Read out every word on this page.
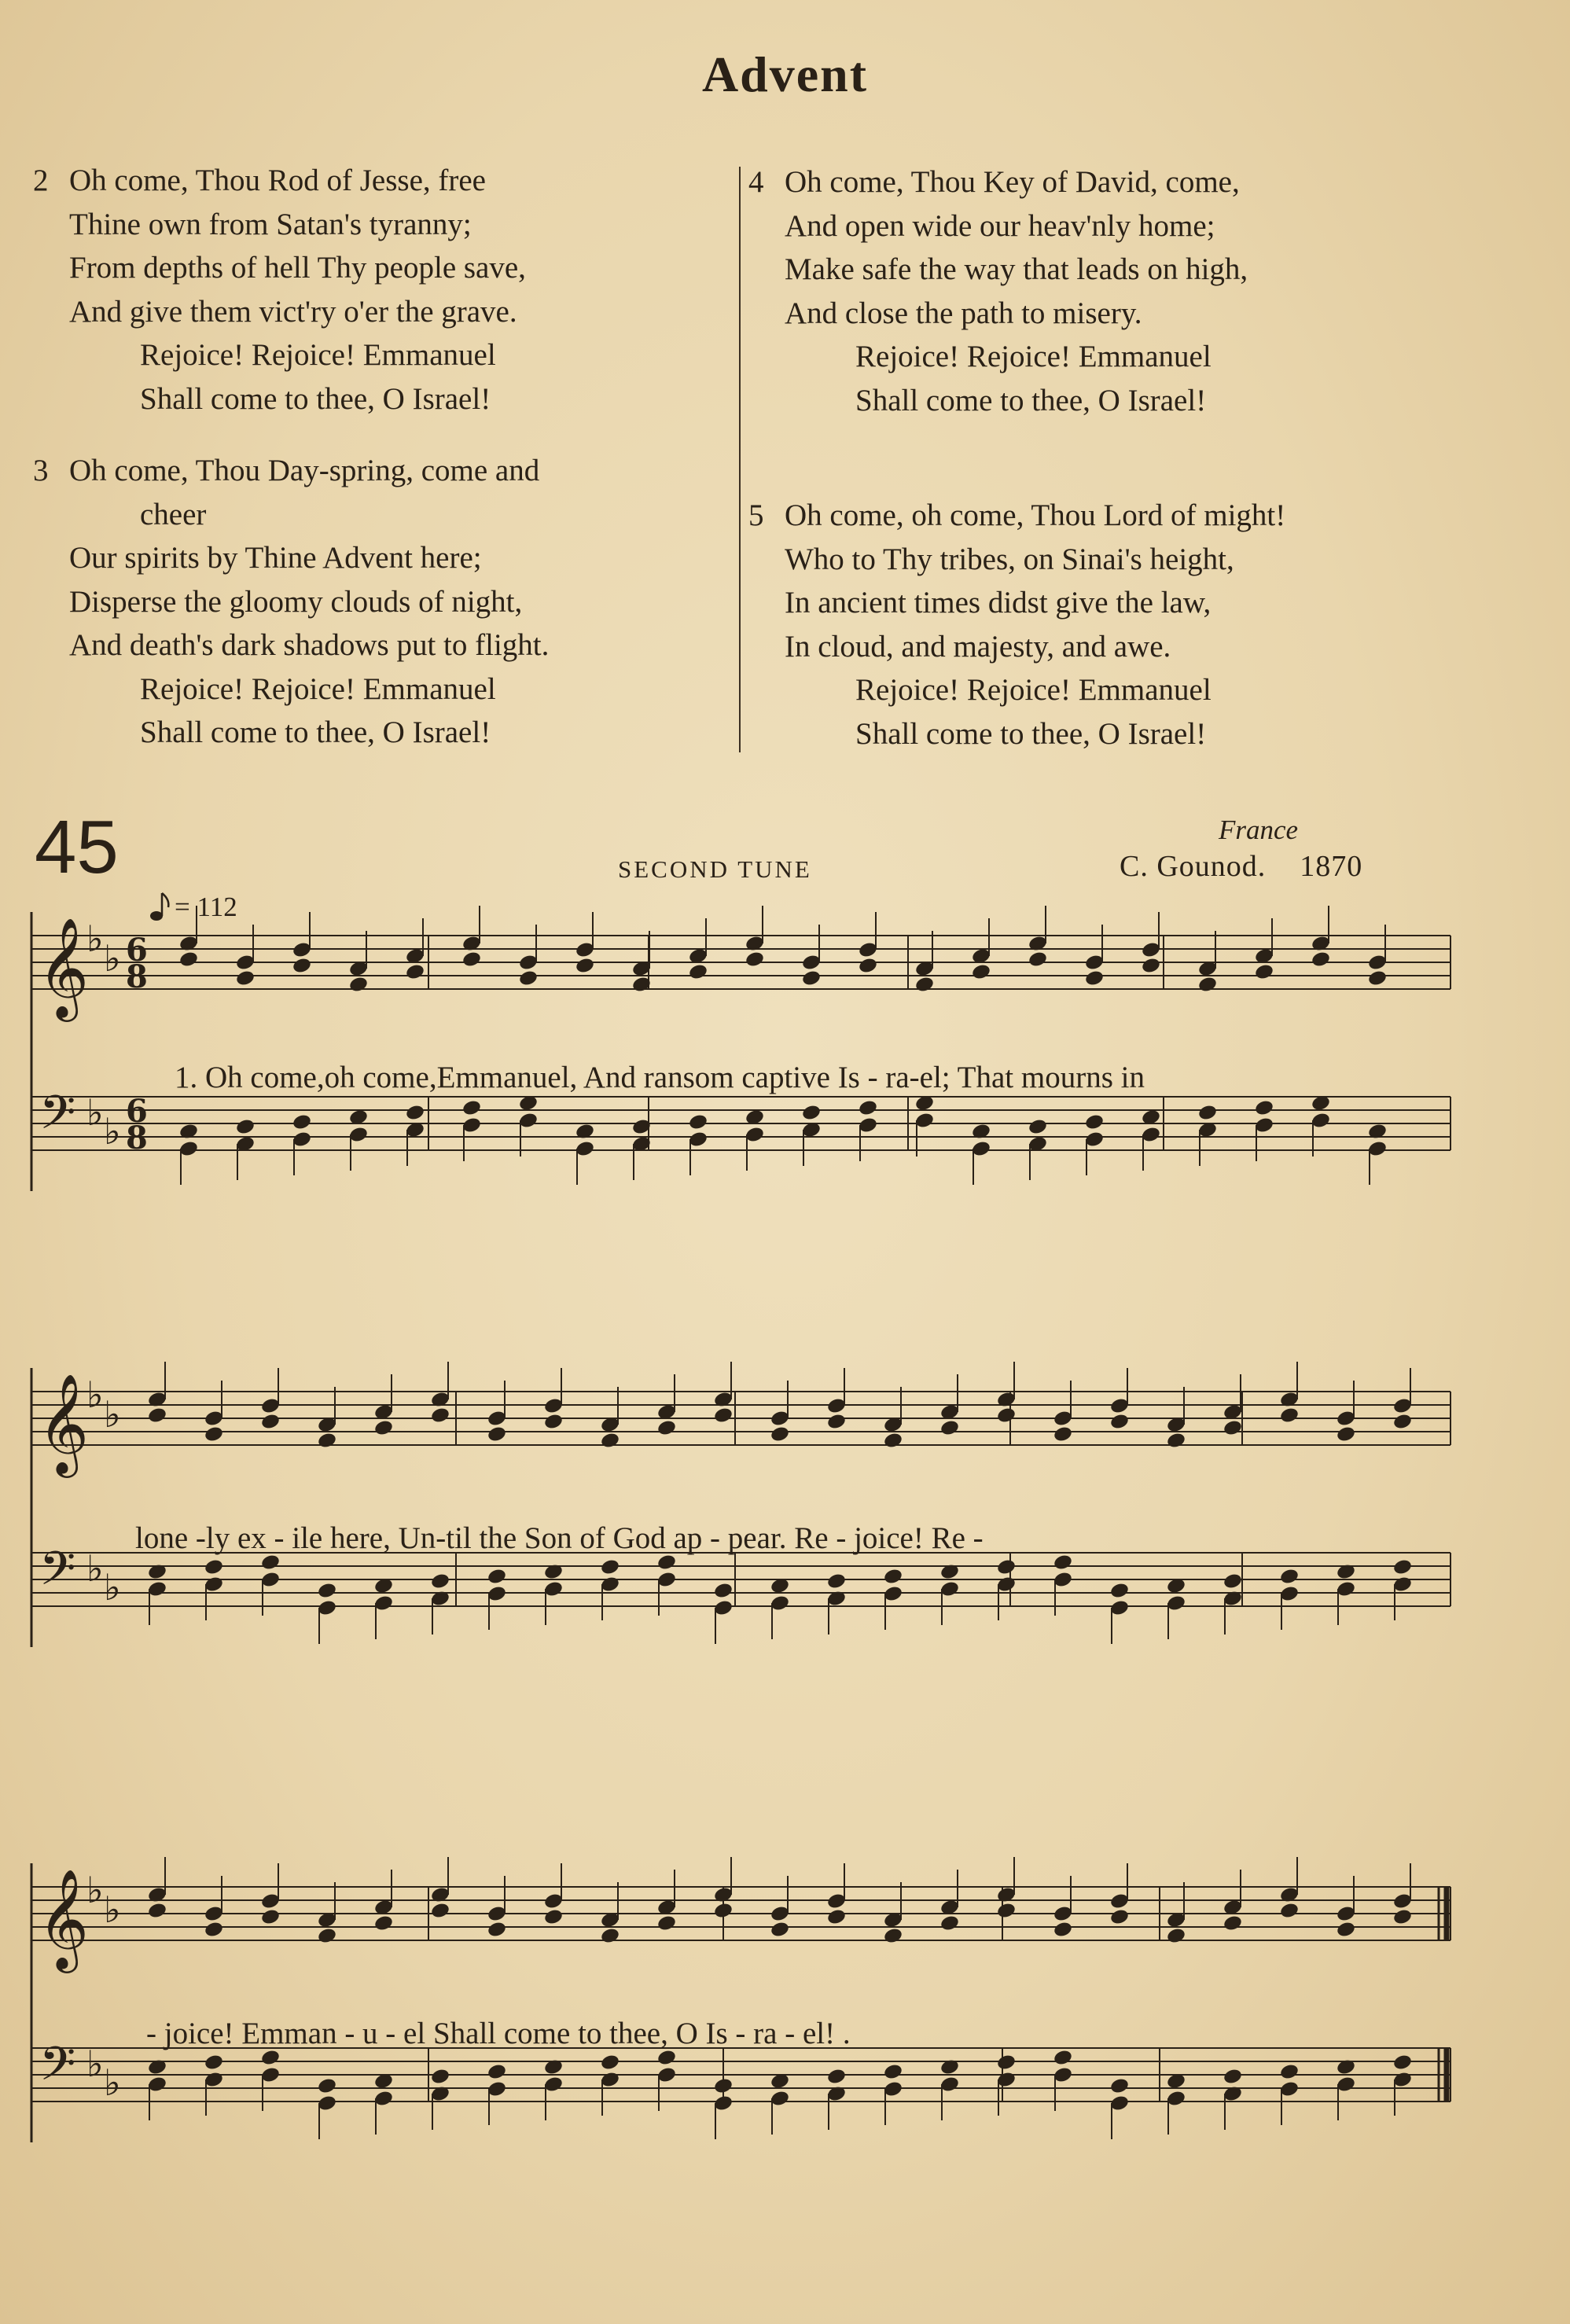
Advent
2 Oh come, Thou Rod of Jesse, free
Thine own from Satan's tyranny;
From depths of hell Thy people save,
And give them vict'ry o'er the grave.
Rejoice! Rejoice! Emmanuel
Shall come to thee, O Israel!
3 Oh come, Thou Day-spring, come and
cheer
Our spirits by Thine Advent here;
Disperse the gloomy clouds of night,
And death's dark shadows put to flight.
Rejoice! Rejoice! Emmanuel
Shall come to thee, O Israel!
4 Oh come, Thou Key of David, come,
And open wide our heav'nly home;
Make safe the way that leads on high,
And close the path to misery.
Rejoice! Rejoice! Emmanuel
Shall come to thee, O Israel!
5 Oh come, oh come, Thou Lord of might!
Who to Thy tribes, on Sinai's height,
In ancient times didst give the law,
In cloud, and majesty, and awe.
Rejoice! Rejoice! Emmanuel
Shall come to thee, O Israel!
45	SECOND TUNE
France
C. Gounod. 1870
= 112
𝄞
𝄢
♭ ♭
♭ ♭
6
8
6
8
1. Oh come,oh come,Emmanuel, And ransom captive Is - ra-el; That mourns in
𝄞
𝄢
♭ ♭
♭ ♭
lone -ly ex - ile here, Un-til the Son of God ap - pear. Re - joice! Re -
𝄞
𝄢
♭ ♭
♭ ♭
- joice! Emman - u - el Shall come to thee, O Is - ra - el! .
